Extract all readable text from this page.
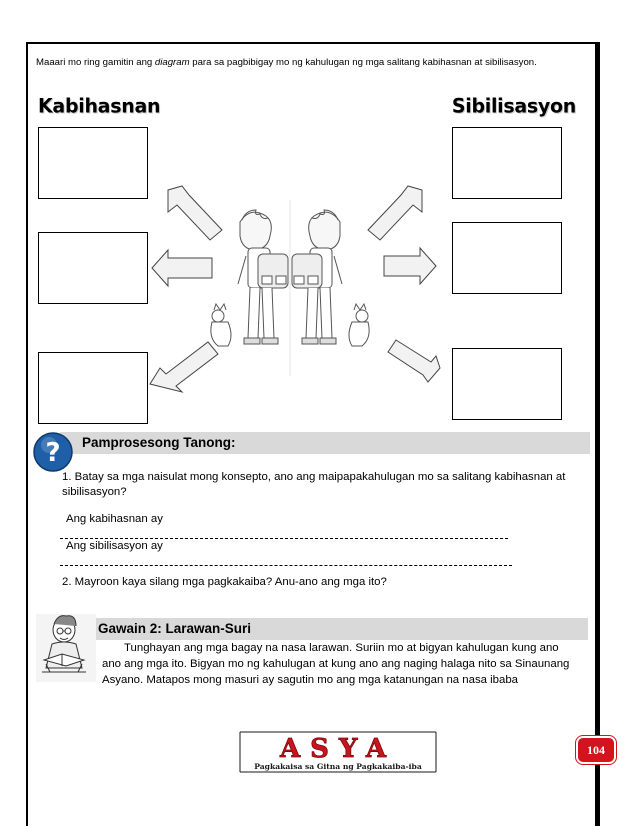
Maaari mo ring gamitin ang diagram para sa pagbibigay mo ng kahulugan ng mga salitang kabihasnan at sibilisasyon.
Kabihasnan	Sibilisasyon
? Pamprosesong Tanong:
1. Batay sa mga naisulat mong konsepto, ano ang maipapakahulugan mo sa salitang kabihasnan at
sibilisasyon?
Ang kabihasnan ay
Ang sibilisasyon ay
2. Mayroon kaya silang mga pagkakaiba? Anu-ano ang mga ito?
Gawain 2: Larawan-Suri
Tunghayan ang mga bagay na nasa larawan. Suriin mo at bigyan kahulugan kung ano
ano ang mga ito. Bigyan mo ng kahulugan at kung ano ang naging halaga nito sa Sinaunang
Asyano. Matapos mong masuri ay sagutin mo ang mga katanungan na nasa ibaba
ASYA
Pagkakaisa sa Gitna ng Pagkakaiba-iba
104
